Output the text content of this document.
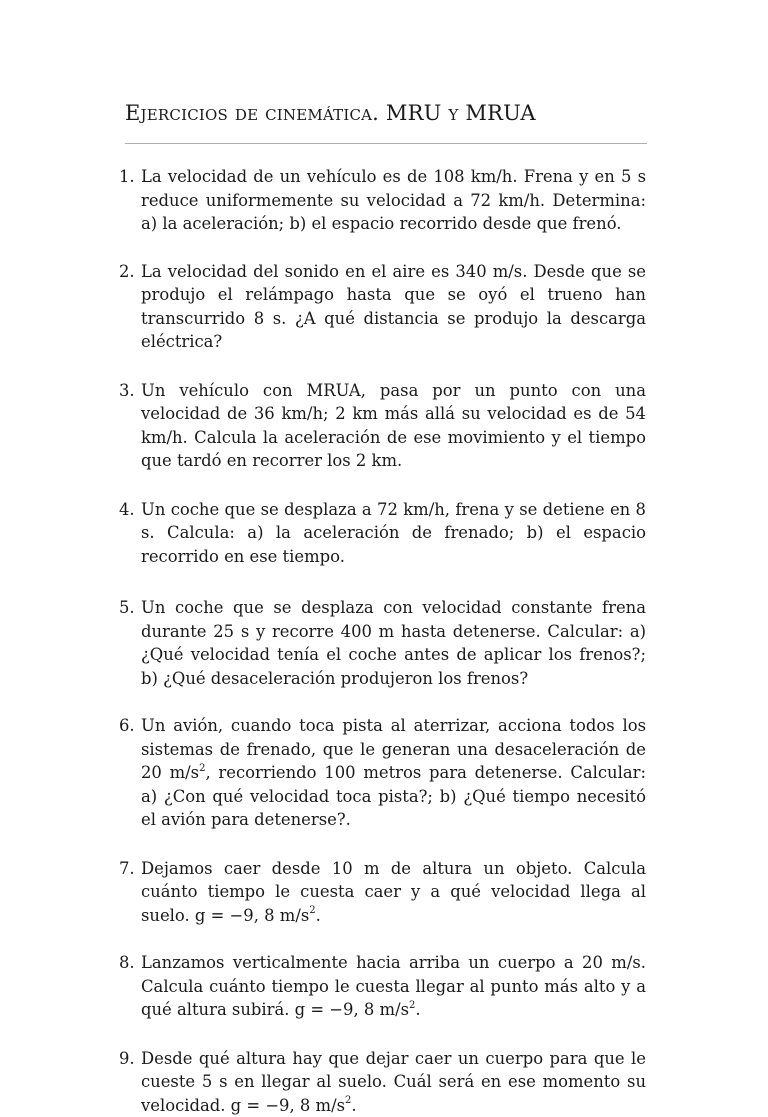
Ejercicios de cinemática. MRU y MRUA
1. La velocidad de un vehículo es de 108 km/h. Frena y en 5 s reduce uniformemente su velocidad a 72 km/h. Determina: a) la aceleración; b) el espacio recorrido desde que frenó.
2. La velocidad del sonido en el aire es 340 m/s. Desde que se produjo el relámpago hasta que se oyó el trueno han transcurrido 8 s. ¿A qué distancia se produjo la descarga eléctrica?
3. Un vehículo con MRUA, pasa por un punto con una velocidad de 36 km/h; 2 km más allá su velocidad es de 54 km/h. Calcula la aceleración de ese movimiento y el tiempo que tardó en recorrer los 2 km.
4. Un coche que se desplaza a 72 km/h, frena y se detiene en 8 s. Calcula: a) la aceleración de frenado; b) el espacio recorrido en ese tiempo.
5. Un coche que se desplaza con velocidad constante frena durante 25 s y recorre 400 m hasta detenerse. Calcular: a) ¿Qué velocidad tenía el coche antes de aplicar los frenos?; b) ¿Qué desaceleración produjeron los frenos?
6. Un avión, cuando toca pista al aterrizar, acciona todos los sistemas de frenado, que le generan una desaceleración de 20 $m/s^2$, recorriendo 100 metros para detenerse. Calcular: a) ¿Con qué velocidad toca pista?; b) ¿Qué tiempo necesitó el avión para detenerse?.
7. Dejamos caer desde 10 m de altura un objeto. Calcula cuánto tiempo le cuesta caer y a qué velocidad llega al suelo. g = −9, 8 $m/s^2$.
8. Lanzamos verticalmente hacia arriba un cuerpo a 20 m/s. Calcula cuánto tiempo le cuesta llegar al punto más alto y a qué altura subirá. g = −9, 8 $m/s^2$.
9. Desde qué altura hay que dejar caer un cuerpo para que le cueste 5 s en llegar al suelo. Cuál será en ese momento su velocidad. g = −9, 8 $m/s^2$.
